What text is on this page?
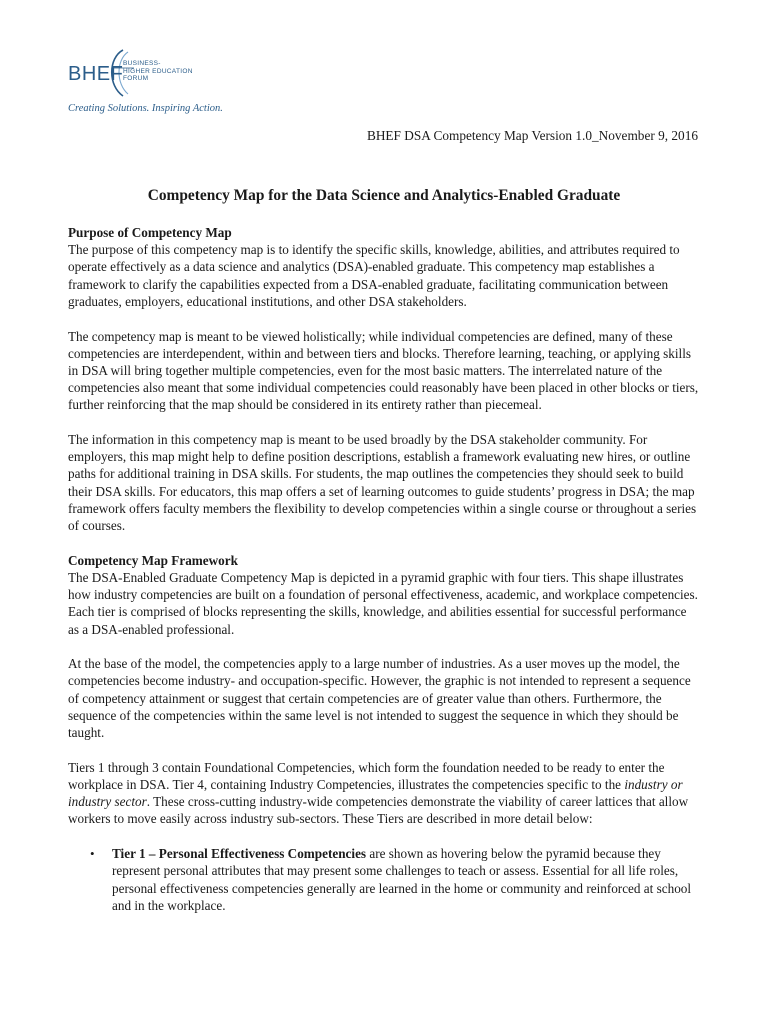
BHEF BUSINESS-
HIGHER EDUCATION
FORUM
Creating Solutions. Inspiring Action.
BHEF DSA Competency Map Version 1.0_November 9, 2016
Competency Map for the Data Science and Analytics-Enabled Graduate
Purpose of Competency Map

The purpose of this competency map is to identify the specific skills, knowledge, abilities, and attributes required to operate effectively as a data science and analytics (DSA)-enabled graduate. This competency map establishes a framework to clarify the capabilities expected from a DSA-enabled graduate, facilitating communication between graduates, employers, educational institutions, and other DSA stakeholders.

The competency map is meant to be viewed holistically; while individual competencies are defined, many of these competencies are interdependent, within and between tiers and blocks. Therefore learning, teaching, or applying skills in DSA will bring together multiple competencies, even for the most basic matters. The interrelated nature of the competencies also meant that some individual competencies could reasonably have been placed in other blocks or tiers, further reinforcing that the map should be considered in its entirety rather than piecemeal.

The information in this competency map is meant to be used broadly by the DSA stakeholder community. For employers, this map might help to define position descriptions, establish a framework evaluating new hires, or outline paths for additional training in DSA skills. For students, the map outlines the competencies they should seek to build their DSA skills. For educators, this map offers a set of learning outcomes to guide students’ progress in DSA; the map framework offers faculty members the flexibility to develop competencies within a single course or throughout a series of courses.

Competency Map Framework

The DSA-Enabled Graduate Competency Map is depicted in a pyramid graphic with four tiers. This shape illustrates how industry competencies are built on a foundation of personal effectiveness, academic, and workplace competencies. Each tier is comprised of blocks representing the skills, knowledge, and abilities essential for successful performance as a DSA-enabled professional.

At the base of the model, the competencies apply to a large number of industries. As a user moves up the model, the competencies become industry- and occupation-specific. However, the graphic is not intended to represent a sequence of competency attainment or suggest that certain competencies are of greater value than others. Furthermore, the sequence of the competencies within the same level is not intended to suggest the sequence in which they should be taught.

Tiers 1 through 3 contain Foundational Competencies, which form the foundation needed to be ready to enter the workplace in DSA. Tier 4, containing Industry Competencies, illustrates the competencies specific to the industry or industry sector. These cross-cutting industry-wide competencies demonstrate the viability of career lattices that allow workers to move easily across industry sub-sectors. These Tiers are described in more detail below:

• Tier 1 – Personal Effectiveness Competencies are shown as hovering below the pyramid because they represent personal attributes that may present some challenges to teach or assess. Essential for all life roles, personal effectiveness competencies generally are learned in the home or community and reinforced at school and in the workplace.
